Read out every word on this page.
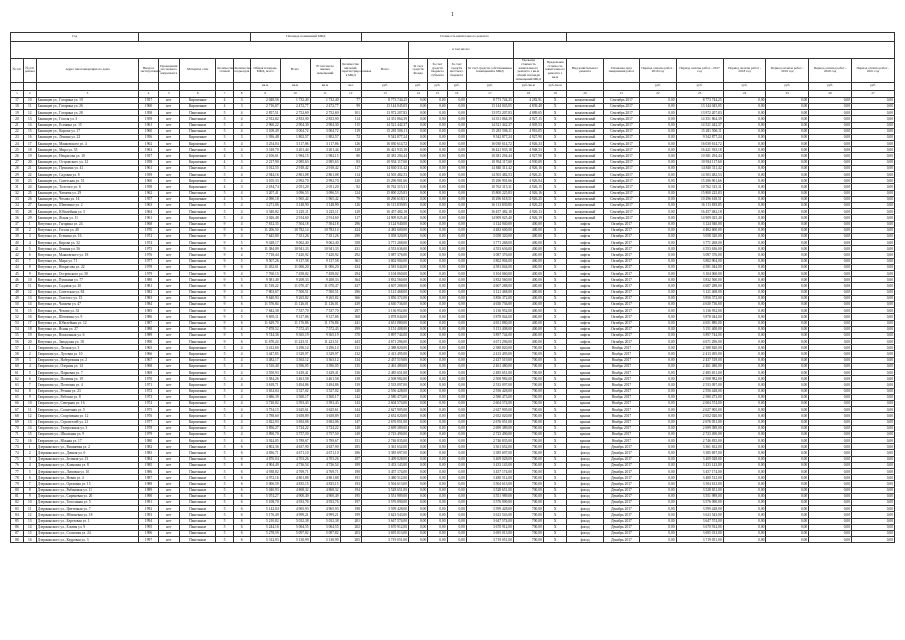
1
Год								Площадь помещений МКД				Стоимость капитального ремонта														
													в том числе:													
№ п/п	№ п/п района	Адрес многоквартирного дома	Ввода в эксплуатацию	Проведения последнего капремонта	Материал стен	Количество этажей	Количество подъездов	Общая площадь МКД, всего	Всего	В том числе жилых помещений	Количество жителей, зарегистрированных в МКД	Всего	За счет средств Фонда	За счет средств бюджета субъекта	За счет средств местного бюджета	За счет средств собственников помещений в МКД	Удельная стоимость капитального ремонта 1 кв.м общей площади помещений МКД	Предельная стоимость капитального ремонта 1 кв.м	Вид капитального ремонта	Плановая дата завершения работ	Период оплаты работ - 2016 год	Период оплаты работ - 2017 год	Период оплаты работ - 2018 год	Период оплаты работ - 2019 год	Период оплаты работ - 2020 год	Период оплаты работ - 2021 год
								кв.м	кв.м	кв.м	чел.	руб.	руб.	руб.	руб.	руб.	руб./кв.м	руб./кв.м			руб.	руб.	руб.	руб.	руб.	руб.
1	2	3	4	5	6	7	8	9	10	11	12	13	14	15	16	17	18	19	20	21	22	23	24	25	26	27
17	10	Бакинцев ул., Гагарина ул. 19	1957	нет	Кирпичные	4	3	2 048,56	1 732,40	1 732,40	77	8 773 744,25	0,00	0,00	0,00	8 773 744,25	4 282,91	Х	комплексный	Сентябрь 2017	0,00	8 773 744,25	0,00	0,00	0,00	0,00
18	11	Бакинцев ул., Гагарина ул. 26	1960	нет	Кирпичные	4	3	2 716,07	2 472,77	2 472,77	99	13 144 045,05	0,00	0,00	0,00	13 144 045,05	4 839,40	Х	комплексный	Сентябрь 2017	0,00	13 144 045,05	0,00	0,00	0,00	0,00
19	12	Бакинцев ул., Гагарина ул. 28	1958	нет	Панельные	5	4	2 857,51	2 752,69	2 752,69	101	13 972 207,83	0,00	0,00	0,00	13 972 207,83	4 889,65	Х	комплексный	Сентябрь 2017	0,00	13 972 207,83	0,00	0,00	0,00	0,00
20	13	Бакинцев ул., Гоголя ул. 3	1959	нет	Панельные	5	4	2 912,82	2 833,90	2 833,90	114	14 351 864,39	0,00	0,00	0,00	14 351 864,39	4 927,15	Х	комплексный	Сентябрь 2017	0,00	14 351 864,39	0,00	0,00	0,00	0,00
21	14	Бакинцев ул., Есенина ул. 15	1961	нет	Панельные	5	4	2 960,22	2 904,30	2 904,30	115	14 521 442,37	0,00	0,00	0,00	14 521 442,37	4 905,53	Х	комплексный	Сентябрь 2017	0,00	14 521 442,37	0,00	0,00	0,00	0,00
22	15	Бакинцев ул., Кирова ул. 17	1960	нет	Панельные	5	4	3 108,49	3 004,72	3 004,72	119	15 281 506,11	0,00	0,00	0,00	15 281 506,11	4 916,05	Х	комплексный	Сентябрь 2017	0,00	15 281 506,11	0,00	0,00	0,00	0,00
23	16	Бакинцев ул., Ленина ул. 22	1956	нет	Кирпичные	3	3	1 936,48	1 802,57	1 802,57	72	9 542 877,24	0,00	0,00	0,00	9 542 877,24	4 927,90	Х	комплексный	Сентябрь 2017	0,00	9 542 877,24	0,00	0,00	0,00	0,00
24	17	Бакинцев ул., Маяковского ул. 4	1962	нет	Кирпичные	5	4	3 254,04	3 117,86	3 117,86	126	16 030 614,72	0,00	0,00	0,00	16 030 614,72	4 926,33	Х	комплексный	Сентябрь 2017	0,00	16 030 614,72	0,00	0,00	0,00	0,00
25	18	Бакинцев ул., Мира ул. 35	1963	нет	Панельные	5	4	3 318,70	3 201,44	3 201,44	128	16 421 935,18	0,00	0,00	0,00	16 421 935,18	4 948,33	Х	комплексный	Сентябрь 2017	0,00	16 421 935,18	0,00	0,00	0,00	0,00
26	19	Бакинцев ул., Некрасова ул. 10	1957	нет	Кирпичные	4	3	2 106,61	1 984,15	1 984,15	80	10 381 294,44	0,00	0,00	0,00	10 381 294,44	4 927,98	Х	комплексный	Сентябрь 2017	0,00	10 381 294,44	0,00	0,00	0,00	0,00
27	20	Бакинцев ул., Островского ул. 12	1958	нет	Кирпичные	4	3	2 217,90	2 085,63	2 085,63	83	10 934 117,60	0,00	0,00	0,00	10 934 117,60	4 930,00	Х	комплексный	Сентябрь 2017	0,00	10 934 117,60	0,00	0,00	0,00	0,00
28	21	Бакинцев ул., Пушкина ул. 41	1961	нет	Панельные	5	4	3 012,55	2 918,42	2 918,42	117	14 840 311,42	0,00	0,00	0,00	14 840 311,42	4 926,16	Х	комплексный	Сентябрь 2017	0,00	14 840 311,42	0,00	0,00	0,00	0,00
29	22	Бакинцев ул., Садовая ул. 8	1959	нет	Панельные	5	4	2 944,16	2 861,08	2 861,08	114	14 503 482,53	0,00	0,00	0,00	14 503 482,53	4 926,21	Х	комплексный	Сентябрь 2017	0,00	14 503 482,53	0,00	0,00	0,00	0,00
30	23	Бакинцев ул., Советская ул. 51	1960	нет	Кирпичные	5	4	3 105,33	2 992,70	2 992,70	120	15 296 901,66	0,00	0,00	0,00	15 296 901,66	4 926,04	Х	комплексный	Сентябрь 2017	0,00	15 296 901,66	0,00	0,00	0,00	0,00
31	24	Бакинцев ул., Толстого ул. 6	1958	нет	Кирпичные	4	3	2 184,74	2 051,20	2 051,20	82	10 762 315,31	0,00	0,00	0,00	10 762 315,31	4 926,15	Х	комплексный	Сентябрь 2017	0,00	10 762 315,31	0,00	0,00	0,00	0,00
32	25	Бакинцев ул., Чапаева ул. 29	1962	нет	Панельные	5	4	3 207,41	3 096,53	3 096,53	124	15 800 225,83	0,00	0,00	0,00	15 800 225,83	4 926,16	Х	комплексный	Сентябрь 2017	0,00	15 800 225,83	0,00	0,00	0,00	0,00
33	26	Бакинцев ул., Чехова ул. 14	1957	нет	Кирпичные	4	3	2 090,18	1 965,42	1 965,42	79	10 296 618,51	0,00	0,00	0,00	10 296 618,51	4 926,25	Х	комплексный	Сентябрь 2017	0,00	10 296 618,51	0,00	0,00	0,00	0,00
34	27	Бакинцев ул., Шевченко ул. 2	1963	нет	Панельные	5	4	3 271,06	3 148,90	3 148,90	126	16 113 839,85	0,00	0,00	0,00	16 113 839,85	4 926,23	Х	комплексный	Сентябрь 2017	0,00	16 113 839,85	0,00	0,00	0,00	0,00
35	28	Бакинцев ул., Юбилейная ул. 5	1964	нет	Панельные	5	4	3 340,82	3 225,11	3 225,11	129	16 457 482,18	0,00	0,00	0,00	16 457 482,18	4 926,13	Х	комплексный	Сентябрь 2017	0,00	16 457 482,18	0,00	0,00	0,00	0,00
36	29	Бакинцев ул., Ясная ул. 11	1961	нет	Кирпичные	5	4	3 026,48	2 914,60	2 914,60	117	14 909 025,40	0,00	0,00	0,00	14 909 025,40	4 926,19	Х	комплексный	Сентябрь 2017	0,00	14 909 025,40	0,00	0,00	0,00	0,00
37	1	Ватутина ул., Гагарина ул. 24	1968	нет	Панельные	9	4	7 812,35	7 504,18	7 504,18	296	3 124 940,00	0,00	0,00	0,00	3 124 940,00	400,00	Х	лифты	Октябрь 2017	0,00	3 124 940,00	0,00	0,00	0,00	0,00
38	2	Ватутина ул., Гоголя ул. 40	1970	нет	Панельные	9	6	11 206,50	10 782,14	10 782,14	424	4 482 600,00	0,00	0,00	0,00	4 482 600,00	400,00	Х	лифты	Октябрь 2017	0,00	4 482 600,00	0,00	0,00	0,00	0,00
39	3	Ватутина ул., Есенина ул. 16	1972	нет	Панельные	9	4	7 645,80	7 351,26	7 351,26	290	3 058 320,00	0,00	0,00	0,00	3 058 320,00	400,00	Х	лифты	Октябрь 2017	0,00	3 058 320,00	0,00	0,00	0,00	0,00
40	4	Ватутина ул., Кирова ул. 32	1974	нет	Панельные	9	5	9 428,17	9 062,40	9 062,40	358	3 771 268,00	0,00	0,00	0,00	3 771 268,00	400,00	Х	лифты	Октябрь 2017	0,00	3 771 268,00	0,00	0,00	0,00	0,00
41	5	Ватутина ул., Ленина ул. 56	1975	нет	Панельные	9	6	11 384,09	10 941,33	10 941,33	431	4 553 636,00	0,00	0,00	0,00	4 553 636,00	400,00	Х	лифты	Октябрь 2017	0,00	4 553 636,00	0,00	0,00	0,00	0,00
42	6	Ватутина ул., Маяковского ул. 18	1976	нет	Панельные	9	4	7 718,44	7 420,92	7 420,92	292	3 087 376,00	0,00	0,00	0,00	3 087 376,00	400,00	Х	лифты	Октябрь 2017	0,00	3 087 376,00	0,00	0,00	0,00	0,00
43	7	Ватутина ул., Мира ул. 71	1977	нет	Панельные	9	5	9 507,26	9 137,58	9 137,58	361	3 802 904,00	0,00	0,00	0,00	3 802 904,00	400,00	Х	лифты	Октябрь 2017	0,00	3 802 904,00	0,00	0,00	0,00	0,00
44	8	Ватутина ул., Некрасова ул. 22	1978	нет	Панельные	9	6	11 452,61	11 006,20	11 006,20	434	4 581 044,00	0,00	0,00	0,00	4 581 044,00	400,00	Х	лифты	Октябрь 2017	0,00	4 581 044,00	0,00	0,00	0,00	0,00
45	9	Ватутина ул., Островского ул. 30	1979	нет	Панельные	9	4	7 760,15	7 458,02	7 458,02	294	3 104 060,00	0,00	0,00	0,00	3 104 060,00	400,00	Х	лифты	Октябрь 2017	0,00	3 104 060,00	0,00	0,00	0,00	0,00
46	10	Ватутина ул., Пушкина ул. 77	1980	нет	Панельные	9	5	9 581,40	9 208,33	9 208,33	364	3 832 560,00	0,00	0,00	0,00	3 832 560,00	400,00	Х	лифты	Октябрь 2017	0,00	3 832 560,00	0,00	0,00	0,00	0,00
47	11	Ватутина ул., Садовая ул. 20	1981	нет	Панельные	9	6	11 518,22	11 070,47	11 070,47	437	4 607 288,00	0,00	0,00	0,00	4 607 288,00	400,00	Х	лифты	Октябрь 2017	0,00	4 607 288,00	0,00	0,00	0,00	0,00
48	12	Ватутина ул., Советская ул. 84	1982	нет	Панельные	9	4	7 803,67	7 500,51	7 500,51	296	3 121 468,00	0,00	0,00	0,00	3 121 468,00	400,00	Х	лифты	Октябрь 2017	0,00	3 121 468,00	0,00	0,00	0,00	0,00
49	13	Ватутина ул., Толстого ул. 15	1983	нет	Панельные	9	5	9 640,93	9 265,82	9 265,82	366	3 856 372,00	0,00	0,00	0,00	3 856 372,00	400,00	Х	лифты	Октябрь 2017	0,00	3 856 372,00	0,00	0,00	0,00	0,00
50	14	Ватутина ул., Чапаева ул. 47	1984	нет	Панельные	9	6	11 576,84	11 126,01	11 126,01	439	4 630 736,00	0,00	0,00	0,00	4 630 736,00	400,00	Х	лифты	Октябрь 2017	0,00	4 630 736,00	0,00	0,00	0,00	0,00
51	15	Ватутина ул., Чехова ул. 33	1985	нет	Панельные	9	4	7 842,38	7 537,70	7 537,70	297	3 136 952,00	0,00	0,00	0,00	3 136 952,00	400,00	Х	лифты	Октябрь 2017	0,00	3 136 952,00	0,00	0,00	0,00	0,00
52	16	Ватутина ул., Шевченко ул. 9	1986	нет	Панельные	9	5	9 695,11	9 317,86	9 317,86	368	3 878 044,00	0,00	0,00	0,00	3 878 044,00	400,00	Х	лифты	Октябрь 2017	0,00	3 878 044,00	0,00	0,00	0,00	0,00
53	17	Ватутина ул., Юбилейная ул. 12	1987	нет	Панельные	9	6	11 629,70	11 176,86	11 176,86	441	4 651 880,00	0,00	0,00	0,00	4 651 880,00	400,00	Х	лифты	Октябрь 2017	0,00	4 651 880,00	0,00	0,00	0,00	0,00
54	18	Ватутина ул., Ясная ул. 27	1988	нет	Панельные	9	4	7 878,52	7 572,43	7 572,43	299	3 151 408,00	0,00	0,00	0,00	3 151 408,00	400,00	Х	лифты	Октябрь 2017	0,00	3 151 408,00	0,00	0,00	0,00	0,00
55	19	Ватутина ул., Вокзальная ул. 6	1989	нет	Панельные	9	5	9 744,36	9 365,19	9 365,19	370	3 897 744,00	0,00	0,00	0,00	3 897 744,00	400,00	Х	лифты	Октябрь 2017	0,00	3 897 744,00	0,00	0,00	0,00	0,00
56	20	Ватутина ул., Заводская ул. 18	1990	нет	Панельные	9	6	11 678,24	11 223,51	11 223,51	443	4 671 296,00	0,00	0,00	0,00	4 671 296,00	400,00	Х	лифты	Октябрь 2017	0,00	4 671 296,00	0,00	0,00	0,00	0,00
57	1	Гаврилова ул., Лесная ул. 3	1965	нет	Кирпичные	5	4	3 412,60	3 296,14	3 296,14	131	2 388 820,00	0,00	0,00	0,00	2 388 820,00	700,00	Х	крыша	Ноябрь 2017	0,00	2 388 820,00	0,00	0,00	0,00	0,00
58	2	Гаврилова ул., Луговая ул. 10	1966	нет	Кирпичные	5	4	3 447,85	3 329,97	3 329,97	132	2 413 495,00	0,00	0,00	0,00	2 413 495,00	700,00	Х	крыша	Ноябрь 2017	0,00	2 413 495,00	0,00	0,00	0,00	0,00
59	3	Гаврилова ул., Набережная ул. 2	1967	нет	Кирпичные	5	4	3 482,17	3 363,12	3 363,12	134	2 437 519,00	0,00	0,00	0,00	2 437 519,00	700,00	Х	крыша	Ноябрь 2017	0,00	2 437 519,00	0,00	0,00	0,00	0,00
60	4	Гаврилова ул., Озерная ул. 14	1968	нет	Кирпичные	5	4	3 516,40	3 396,05	3 396,05	135	2 461 480,00	0,00	0,00	0,00	2 461 480,00	700,00	Х	крыша	Ноябрь 2017	0,00	2 461 480,00	0,00	0,00	0,00	0,00
61	5	Гаврилова ул., Парковая ул. 7	1969	нет	Кирпичные	5	4	3 550,93	3 429,41	3 429,41	136	2 485 651,00	0,00	0,00	0,00	2 485 651,00	700,00	Х	крыша	Ноябрь 2017	0,00	2 485 651,00	0,00	0,00	0,00	0,00
62	6	Гаврилова ул., Полевая ул. 19	1970	нет	Кирпичные	5	4	3 584,26	3 461,58	3 461,58	138	2 508 982,00	0,00	0,00	0,00	2 508 982,00	700,00	Х	крыша	Ноябрь 2017	0,00	2 508 982,00	0,00	0,00	0,00	0,00
63	7	Гаврилова ул., Почтовая ул. 4	1971	нет	Кирпичные	5	4	3 618,71	3 494,86	3 494,86	139	2 533 097,00	0,00	0,00	0,00	2 533 097,00	700,00	Х	крыша	Ноябрь 2017	0,00	2 533 097,00	0,00	0,00	0,00	0,00
64	8	Гаврилова ул., Речная ул. 23	1972	нет	Кирпичные	5	4	3 652,04	3 527,02	3 527,02	140	2 556 428,00	0,00	0,00	0,00	2 556 428,00	700,00	Х	крыша	Ноябрь 2017	0,00	2 556 428,00	0,00	0,00	0,00	0,00
65	9	Гаврилова ул., Рабочая ул. 8	1973	нет	Кирпичные	5	4	3 686,39	3 560,17	3 560,17	142	2 580 473,00	0,00	0,00	0,00	2 580 473,00	700,00	Х	крыша	Ноябрь 2017	0,00	2 580 473,00	0,00	0,00	0,00	0,00
66	10	Гаврилова ул., Северная ул. 16	1974	нет	Кирпичные	5	4	3 720,82	3 593,43	3 593,43	143	2 604 574,00	0,00	0,00	0,00	2 604 574,00	700,00	Х	крыша	Ноябрь 2017	0,00	2 604 574,00	0,00	0,00	0,00	0,00
67	11	Гаврилова ул., Солнечная ул. 5	1975	нет	Кирпичные	5	4	3 754,15	3 625,61	3 625,61	144	2 627 905,00	0,00	0,00	0,00	2 627 905,00	700,00	Х	крыша	Ноябрь 2017	0,00	2 627 905,00	0,00	0,00	0,00	0,00
68	12	Гаврилова ул., Спортивная ул. 12	1976	нет	Кирпичные	5	4	3 788,60	3 658,89	3 658,89	145	2 652 020,00	0,00	0,00	0,00	2 652 020,00	700,00	Х	крыша	Ноябрь 2017	0,00	2 652 020,00	0,00	0,00	0,00	0,00
69	13	Гаврилова ул., Строителей ул. 21	1977	нет	Кирпичные	5	4	3 822,93	3 692,06	3 692,06	147	2 676 051,00	0,00	0,00	0,00	2 676 051,00	700,00	Х	крыша	Ноябрь 2017	0,00	2 676 051,00	0,00	0,00	0,00	0,00
70	14	Гаврилова ул., Театральная ул. 3	1978	нет	Кирпичные	5	4	3 856,27	3 724,22	3 724,22	148	2 699 389,00	0,00	0,00	0,00	2 699 389,00	700,00	Х	крыша	Ноябрь 2017	0,00	2 699 389,00	0,00	0,00	0,00	0,00
71	15	Гаврилова ул., Школьная ул. 9	1979	нет	Кирпичные	5	4	3 890,70	3 757,50	3 757,50	149	2 723 490,00	0,00	0,00	0,00	2 723 490,00	700,00	Х	крыша	Ноябрь 2017	0,00	2 723 490,00	0,00	0,00	0,00	0,00
72	16	Гаврилова ул., Южная ул. 17	1980	нет	Кирпичные	5	4	3 924,05	3 789,67	3 789,67	151	2 746 835,00	0,00	0,00	0,00	2 746 835,00	700,00	Х	крыша	Ноябрь 2017	0,00	2 746 835,00	0,00	0,00	0,00	0,00
73	1	Дзержинского ул., Вишневая ул. 2	1982	нет	Панельные	5	6	4 802,36	4 637,90	4 637,90	185	3 361 652,00	0,00	0,00	0,00	3 361 652,00	700,00	Х	фасад	Декабрь 2017	0,00	3 361 652,00	0,00	0,00	0,00	0,00
74	2	Дзержинского ул., Дачная ул. 6	1983	нет	Панельные	5	6	4 836,71	4 671,10	4 671,10	186	3 385 697,00	0,00	0,00	0,00	3 385 697,00	700,00	Х	фасад	Декабрь 2017	0,00	3 385 697,00	0,00	0,00	0,00	0,00
75	3	Дзержинского ул., Зеленая ул. 13	1984	нет	Панельные	5	6	4 870,04	4 703,26	4 703,26	187	3 409 028,00	0,00	0,00	0,00	3 409 028,00	700,00	Х	фасад	Декабрь 2017	0,00	3 409 028,00	0,00	0,00	0,00	0,00
76	4	Дзержинского ул., Кленовая ул. 8	1985	нет	Панельные	5	6	4 904,49	4 736,54	4 736,54	189	3 433 143,00	0,00	0,00	0,00	3 433 143,00	700,00	Х	фасад	Декабрь 2017	0,00	3 433 143,00	0,00	0,00	0,00	0,00
77	5	Дзержинского ул., Липовая ул. 10	1986	нет	Панельные	5	6	4 938,82	4 769,71	4 769,71	190	3 457 174,00	0,00	0,00	0,00	3 457 174,00	700,00	Х	фасад	Декабрь 2017	0,00	3 457 174,00	0,00	0,00	0,00	0,00
78	6	Дзержинского ул., Новая ул. 4	1987	нет	Панельные	5	6	4 972,16	4 801,88	4 801,88	191	3 480 512,00	0,00	0,00	0,00	3 480 512,00	700,00	Х	фасад	Декабрь 2017	0,00	3 480 512,00	0,00	0,00	0,00	0,00
79	7	Дзержинского ул., Ореховая ул. 15	1988	нет	Панельные	5	6	5 006,59	4 835,15	4 835,15	193	3 504 613,00	0,00	0,00	0,00	3 504 613,00	700,00	Х	фасад	Декабрь 2017	0,00	3 504 613,00	0,00	0,00	0,00	0,00
80	8	Дзержинского ул., Рябиновая ул. 11	1989	нет	Панельные	5	6	5 040,93	4 868,32	4 868,32	194	3 528 651,00	0,00	0,00	0,00	3 528 651,00	700,00	Х	фасад	Декабрь 2017	0,00	3 528 651,00	0,00	0,00	0,00	0,00
81	9	Дзержинского ул., Сиреневая ул. 20	1990	нет	Панельные	5	6	5 074,27	4 900,49	4 900,49	195	3 551 989,00	0,00	0,00	0,00	3 551 989,00	700,00	Х	фасад	Декабрь 2017	0,00	3 551 989,00	0,00	0,00	0,00	0,00
82	10	Дзержинского ул., Тополиная ул. 5	1991	нет	Панельные	5	6	5 108,70	4 933,76	4 933,76	197	3 576 090,00	0,00	0,00	0,00	3 576 090,00	700,00	Х	фасад	Декабрь 2017	0,00	3 576 090,00	0,00	0,00	0,00	0,00
83	11	Дзержинского ул., Цветочная ул. 7	1992	нет	Панельные	5	6	5 142,04	4 965,93	4 965,93	198	3 599 428,00	0,00	0,00	0,00	3 599 428,00	700,00	Х	фасад	Декабрь 2017	0,00	3 599 428,00	0,00	0,00	0,00	0,00
84	12	Дзержинского ул., Яблоневая ул. 18	1993	нет	Панельные	5	6	5 176,49	4 999,21	4 999,21	199	3 623 543,00	0,00	0,00	0,00	3 623 543,00	700,00	Х	фасад	Декабрь 2017	0,00	3 623 543,00	0,00	0,00	0,00	0,00
85	13	Дзержинского ул., Березовая ул. 1	1994	нет	Панельные	5	6	5 210,82	5 032,38	5 032,38	201	3 647 574,00	0,00	0,00	0,00	3 647 574,00	700,00	Х	фасад	Декабрь 2017	0,00	3 647 574,00	0,00	0,00	0,00	0,00
86	14	Дзержинского ул., Еловая ул. 9	1995	нет	Панельные	5	6	5 244,16	5 064,55	5 064,55	202	3 670 912,00	0,00	0,00	0,00	3 670 912,00	700,00	Х	фасад	Декабрь 2017	0,00	3 670 912,00	0,00	0,00	0,00	0,00
87	15	Дзержинского ул., Сосновая ул. 24	1996	нет	Панельные	5	6	5 278,59	5 097,82	5 097,82	203	3 695 013,00	0,00	0,00	0,00	3 695 013,00	700,00	Х	фасад	Декабрь 2017	0,00	3 695 013,00	0,00	0,00	0,00	0,00
88	16	Дзержинского ул., Кедровая ул. 3	1997	нет	Панельные	5	6	5 312,93	5 130,99	5 130,99	205	3 719 051,00	0,00	0,00	0,00	3 719 051,00	700,00	Х	фасад	Декабрь 2017	0,00	3 719 051,00	0,00	0,00	0,00	0,00
